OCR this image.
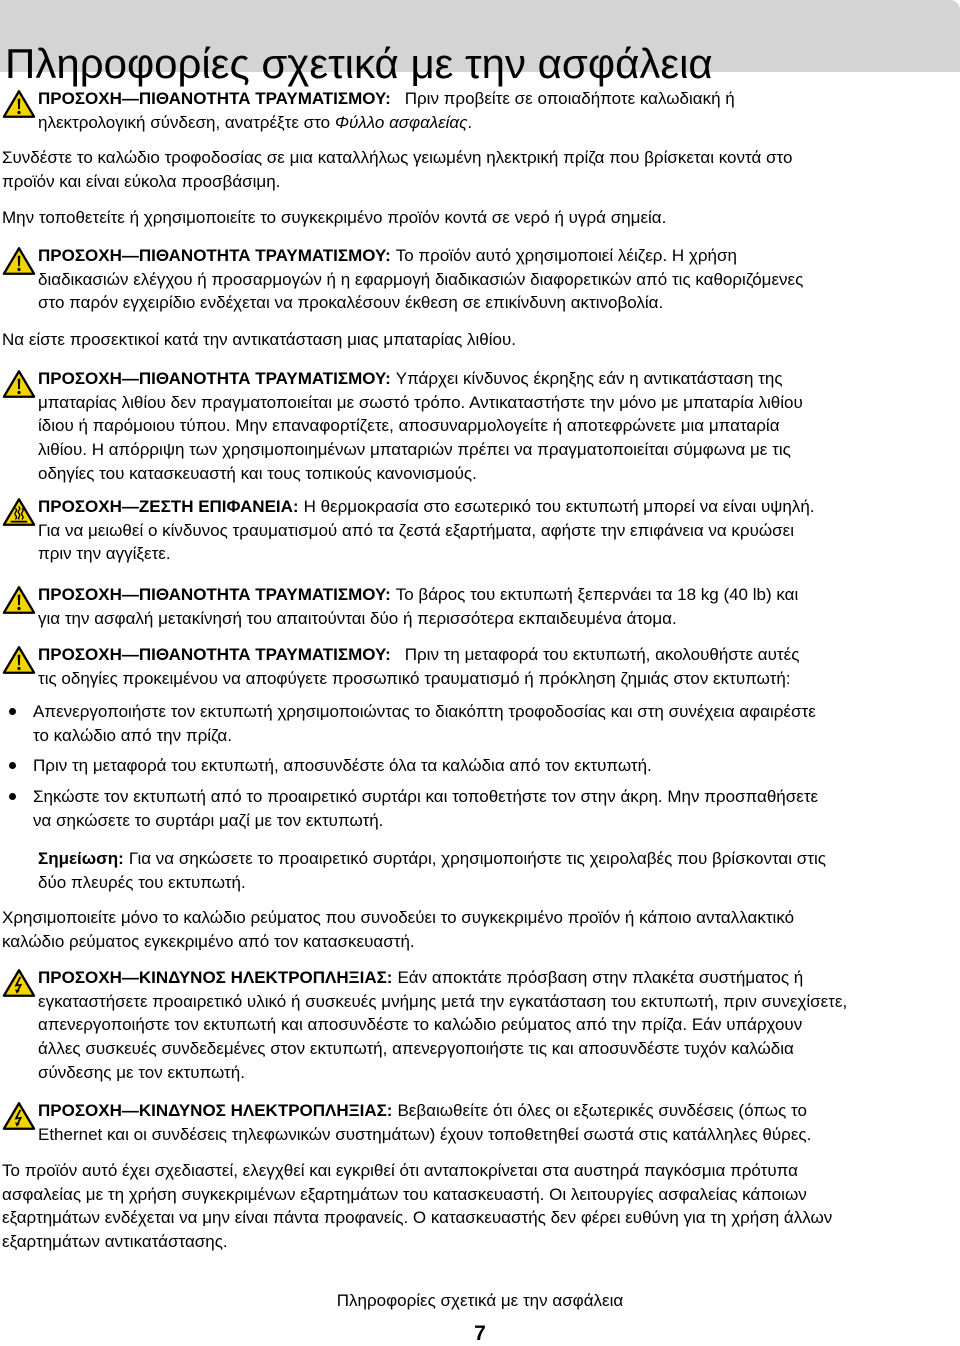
Πληροφορίες σχετικά με την ασφάλεια
ΠΡΟΣΟΧΗ—ΠΙΘΑΝΟΤΗΤΑ ΤΡΑΥΜΑΤΙΣΜΟΥ: Πριν προβείτε σε οποιαδήποτε καλωδιακή ή
ηλεκτρολογική σύνδεση, ανατρέξτε στο Φύλλο ασφαλείας.
Συνδέστε το καλώδιο τροφοδοσίας σε μια καταλλήλως γειωμένη ηλεκτρική πρίζα που βρίσκεται κοντά στο
προϊόν και είναι εύκολα προσβάσιμη.
Μην τοποθετείτε ή χρησιμοποιείτε το συγκεκριμένο προϊόν κοντά σε νερό ή υγρά σημεία.
ΠΡΟΣΟΧΗ—ΠΙΘΑΝΟΤΗΤΑ ΤΡΑΥΜΑΤΙΣΜΟΥ: Το προϊόν αυτό χρησιμοποιεί λέιζερ. Η χρήση
διαδικασιών ελέγχου ή προσαρμογών ή η εφαρμογή διαδικασιών διαφορετικών από τις καθοριζόμενες
στο παρόν εγχειρίδιο ενδέχεται να προκαλέσουν έκθεση σε επικίνδυνη ακτινοβολία.
Να είστε προσεκτικοί κατά την αντικατάσταση μιας μπαταρίας λιθίου.
ΠΡΟΣΟΧΗ—ΠΙΘΑΝΟΤΗΤΑ ΤΡΑΥΜΑΤΙΣΜΟΥ: Υπάρχει κίνδυνος έκρηξης εάν η αντικατάσταση της
μπαταρίας λιθίου δεν πραγματοποιείται με σωστό τρόπο. Αντικαταστήστε την μόνο με μπαταρία λιθίου
ίδιου ή παρόμοιου τύπου. Μην επαναφορτίζετε, αποσυναρμολογείτε ή αποτεφρώνετε μια μπαταρία
λιθίου. Η απόρριψη των χρησιμοποιημένων μπαταριών πρέπει να πραγματοποιείται σύμφωνα με τις
οδηγίες του κατασκευαστή και τους τοπικούς κανονισμούς.
ΠΡΟΣΟΧΗ—ΖΕΣΤΗ ΕΠΙΦΑΝΕΙΑ: Η θερμοκρασία στο εσωτερικό του εκτυπωτή μπορεί να είναι υψηλή.
Για να μειωθεί ο κίνδυνος τραυματισμού από τα ζεστά εξαρτήματα, αφήστε την επιφάνεια να κρυώσει
πριν την αγγίξετε.
ΠΡΟΣΟΧΗ—ΠΙΘΑΝΟΤΗΤΑ ΤΡΑΥΜΑΤΙΣΜΟΥ: Το βάρος του εκτυπωτή ξεπερνάει τα 18 kg (40 lb) και
για την ασφαλή μετακίνησή του απαιτούνται δύο ή περισσότερα εκπαιδευμένα άτομα.
ΠΡΟΣΟΧΗ—ΠΙΘΑΝΟΤΗΤΑ ΤΡΑΥΜΑΤΙΣΜΟΥ: Πριν τη μεταφορά του εκτυπωτή, ακολουθήστε αυτές
τις οδηγίες προκειμένου να αποφύγετε προσωπικό τραυματισμό ή πρόκληση ζημιάς στον εκτυπωτή:
Απενεργοποιήστε τον εκτυπωτή χρησιμοποιώντας το διακόπτη τροφοδοσίας και στη συνέχεια αφαιρέστε
το καλώδιο από την πρίζα.
Πριν τη μεταφορά του εκτυπωτή, αποσυνδέστε όλα τα καλώδια από τον εκτυπωτή.
Σηκώστε τον εκτυπωτή από το προαιρετικό συρτάρι και τοποθετήστε τον στην άκρη. Μην προσπαθήσετε
να σηκώσετε το συρτάρι μαζί με τον εκτυπωτή.
Σημείωση: Για να σηκώσετε το προαιρετικό συρτάρι, χρησιμοποιήστε τις χειρολαβές που βρίσκονται στις
δύο πλευρές του εκτυπωτή.
Χρησιμοποιείτε μόνο το καλώδιο ρεύματος που συνοδεύει το συγκεκριμένο προϊόν ή κάποιο ανταλλακτικό
καλώδιο ρεύματος εγκεκριμένο από τον κατασκευαστή.
ΠΡΟΣΟΧΗ—ΚΙΝΔΥΝΟΣ ΗΛΕΚΤΡΟΠΛΗΞΙΑΣ: Εάν αποκτάτε πρόσβαση στην πλακέτα συστήματος ή
εγκαταστήσετε προαιρετικό υλικό ή συσκευές μνήμης μετά την εγκατάσταση του εκτυπωτή, πριν συνεχίσετε,
απενεργοποιήστε τον εκτυπωτή και αποσυνδέστε το καλώδιο ρεύματος από την πρίζα. Εάν υπάρχουν
άλλες συσκευές συνδεδεμένες στον εκτυπωτή, απενεργοποιήστε τις και αποσυνδέστε τυχόν καλώδια
σύνδεσης με τον εκτυπωτή.
ΠΡΟΣΟΧΗ—ΚΙΝΔΥΝΟΣ ΗΛΕΚΤΡΟΠΛΗΞΙΑΣ: Βεβαιωθείτε ότι όλες οι εξωτερικές συνδέσεις (όπως το
Ethernet και οι συνδέσεις τηλεφωνικών συστημάτων) έχουν τοποθετηθεί σωστά στις κατάλληλες θύρες.
Το προϊόν αυτό έχει σχεδιαστεί, ελεγχθεί και εγκριθεί ότι ανταποκρίνεται στα αυστηρά παγκόσμια πρότυπα
ασφαλείας με τη χρήση συγκεκριμένων εξαρτημάτων του κατασκευαστή. Οι λειτουργίες ασφαλείας κάποιων
εξαρτημάτων ενδέχεται να μην είναι πάντα προφανείς. Ο κατασκευαστής δεν φέρει ευθύνη για τη χρήση άλλων
εξαρτημάτων αντικατάστασης.
Πληροφορίες σχετικά με την ασφάλεια
7
